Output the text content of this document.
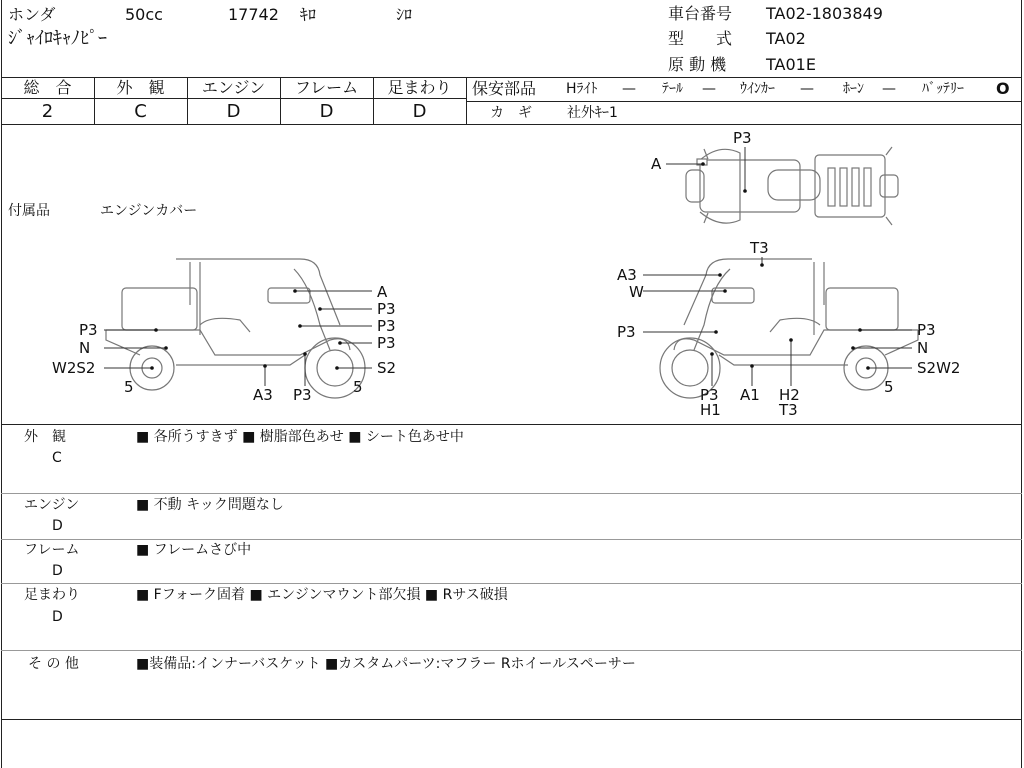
ホンダ	50cc	17742 ｷﾛ	ｼﾛ
ｼﾞｬｲﾛｷｬﾉﾋﾟｰ
車台番号 TA02-1803849
型　　式 TA02
原 動 機 TA01E
総　合	外　観	エンジン	フレーム	足まわり
2	C	D	D	D
保安部品 Hﾗｲﾄ — ﾃｰﾙ — ｳｲﾝｶｰ — ﾎｰﾝ — ﾊﾞｯﾃﾘｰ O
カ　ギ	社外ｷｰ1
付属品	エンジンカバー
A
P3
A
P3
P3
P3
P3
N
W2S2	S2
5	5
A3 P3
T3
A3
W
P3	P3
N
S2W2
5
P3
H1
A1 H2
T3
外　観
C
■ 各所うすきず ■ 樹脂部色あせ ■ シート色あせ中
エンジン
D
■ 不動 キック問題なし
フレーム
D
■ フレームさび中
足まわり
D
■ Fフォーク固着 ■ エンジンマウント部欠損 ■ Rサス破損
そ の 他	■装備品:インナーバスケット ■カスタムパーツ:マフラー Rホイールスペーサー
